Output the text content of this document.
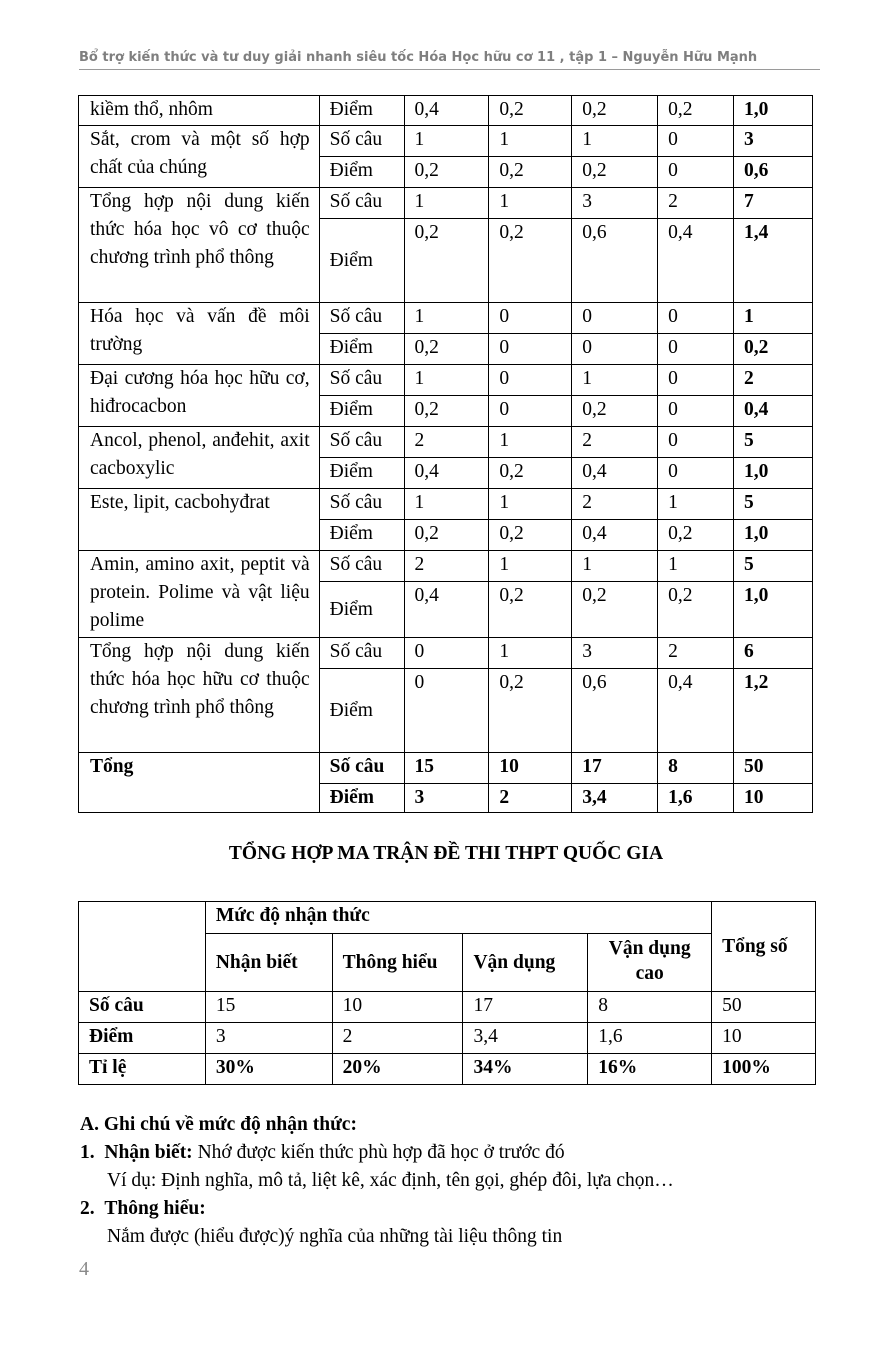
Bổ trợ kiến thức và tư duy giải nhanh siêu tốc Hóa Học hữu cơ 11 , tập 1 – Nguyễn Hữu Mạnh
kiềm thổ, nhôm	Điểm	0,4	0,2	0,2	0,2	1,0
Sắt, crom và một số hợp chất của chúng	Số câu	1	1	1	0	3
	Điểm	0,2	0,2	0,2	0	0,6
Tổng hợp nội dung kiến thức hóa học vô cơ thuộc chương trình phổ thông	Số câu	1	1	3	2	7
	Điểm	0,2	0,2	0,6	0,4	1,4
Hóa học và vấn đề môi trường	Số câu	1	0	0	0	1
	Điểm	0,2	0	0	0	0,2
Đại cương hóa học hữu cơ, hiđrocacbon	Số câu	1	0	1	0	2
	Điểm	0,2	0	0,2	0	0,4
Ancol, phenol, anđehit, axit cacboxylic	Số câu	2	1	2	0	5
	Điểm	0,4	0,2	0,4	0	1,0
Este, lipit, cacbohyđrat	Số câu	1	1	2	1	5
	Điểm	0,2	0,2	0,4	0,2	1,0
Amin, amino axit, peptit và protein. Polime và vật liệu polime	Số câu	2	1	1	1	5
	Điểm	0,4	0,2	0,2	0,2	1,0
Tổng hợp nội dung kiến thức hóa học hữu cơ thuộc chương trình phổ thông	Số câu	0	1	3	2	6
	Điểm	0	0,2	0,6	0,4	1,2
Tổng	Số câu	15	10	17	8	50
	Điểm	3	2	3,4	1,6	10
TỔNG HỢP MA TRẬN ĐỀ THI THPT QUỐC GIA
	Mức độ nhận thức				Tổng số
	Nhận biết	Thông hiểu	Vận dụng	Vận dụng cao	
Số câu	15	10	17	8	50
Điểm	3	2	3,4	1,6	10
Tỉ lệ	30%	20%	34%	16%	100%
A. Ghi chú về mức độ nhận thức:
1. Nhận biết: Nhớ được kiến thức phù hợp đã học ở trước đó
Ví dụ: Định nghĩa, mô tả, liệt kê, xác định, tên gọi, ghép đôi, lựa chọn…
2. Thông hiểu:
Nắm được (hiểu được)ý nghĩa của những tài liệu thông tin
4
